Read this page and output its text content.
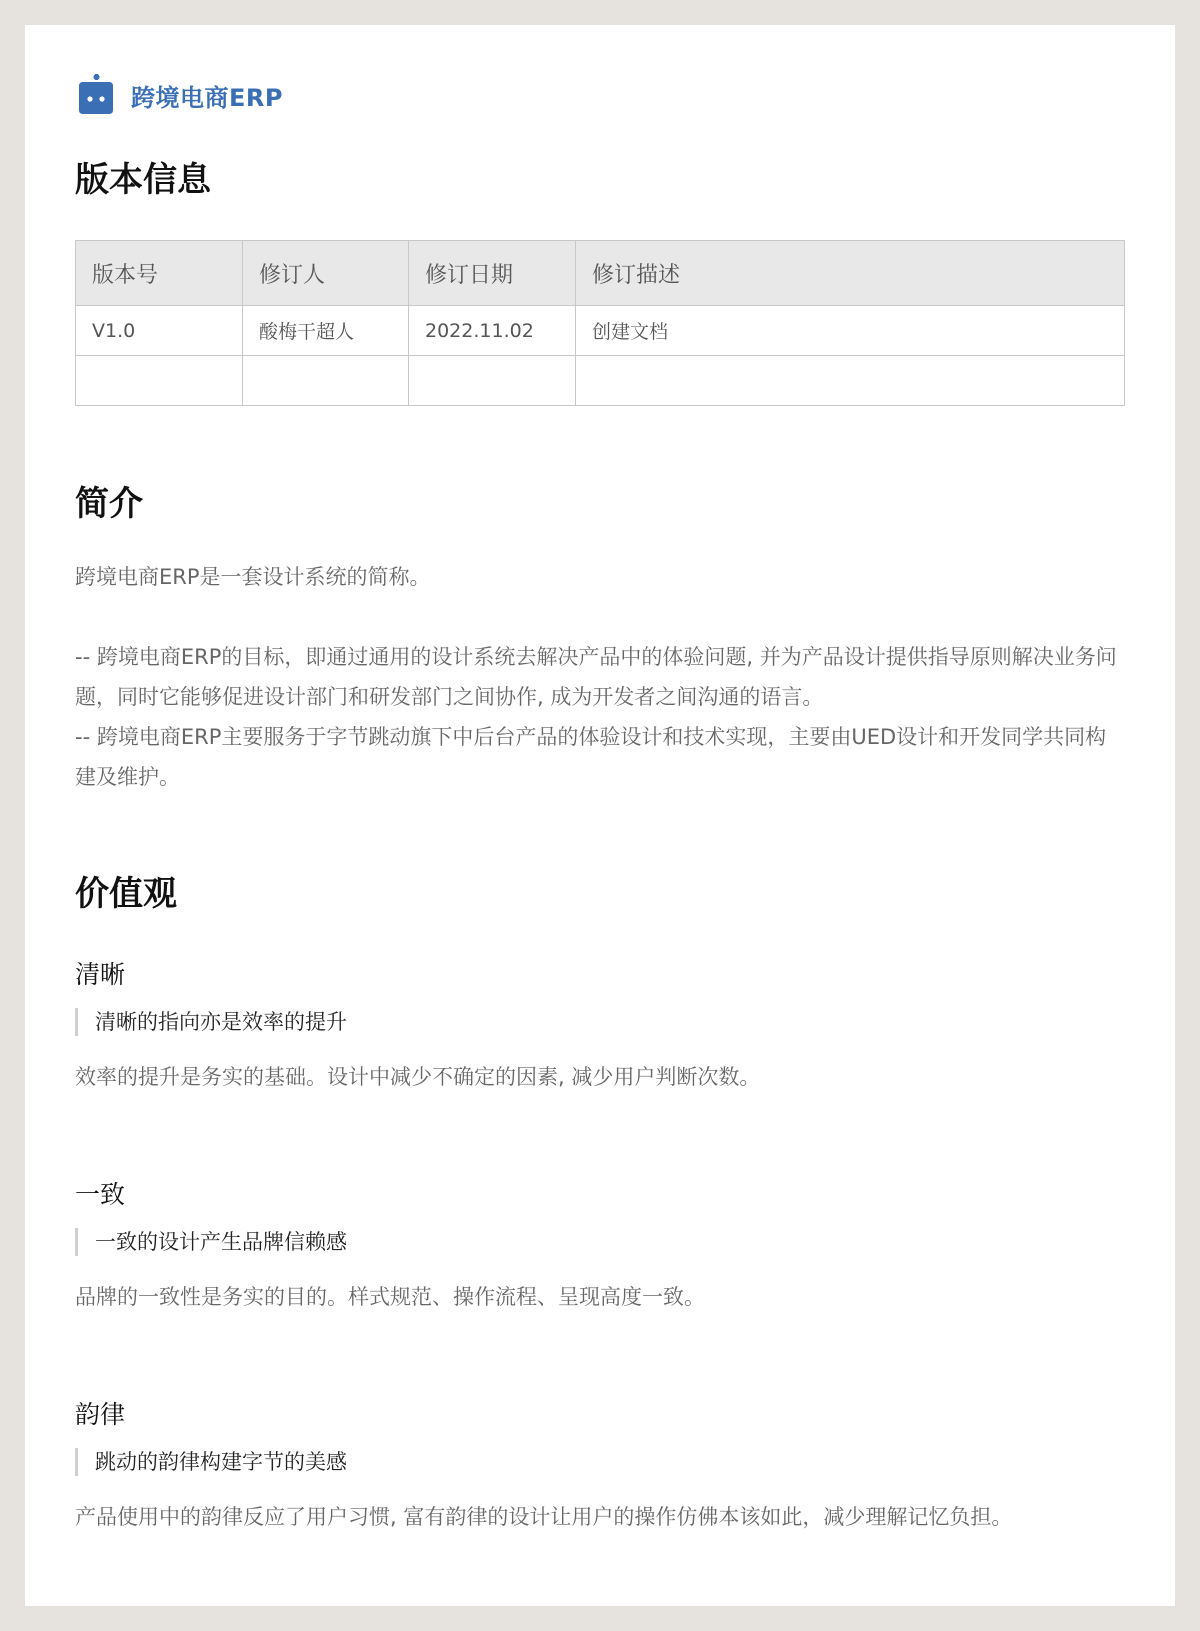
跨境电商ERP
版本信息
版本号	修订人	修订日期	修订描述
V1.0	酸梅干超人	2022.11.02	创建文档

简介

跨境电商ERP是一套设计系统的简称。

-- 跨境电商ERP的目标，即通过通用的设计系统去解决产品中的体验问题, 并为产品设计提供指导原则解决业务问题，同时它能够促进设计部门和研发部门之间协作, 成为开发者之间沟通的语言。

-- 跨境电商ERP主要服务于字节跳动旗下中后台产品的体验设计和技术实现，主要由UED设计和开发同学共同构建及维护。

价值观
清晰
清晰的指向亦是效率的提升

效率的提升是务实的基础。设计中减少不确定的因素, 减少用户判断次数。

一致
一致的设计产生品牌信赖感

品牌的一致性是务实的目的。样式规范、操作流程、呈现高度一致。

韵律
跳动的韵律构建字节的美感

产品使用中的韵律反应了用户习惯, 富有韵律的设计让用户的操作仿佛本该如此，减少理解记忆负担。
